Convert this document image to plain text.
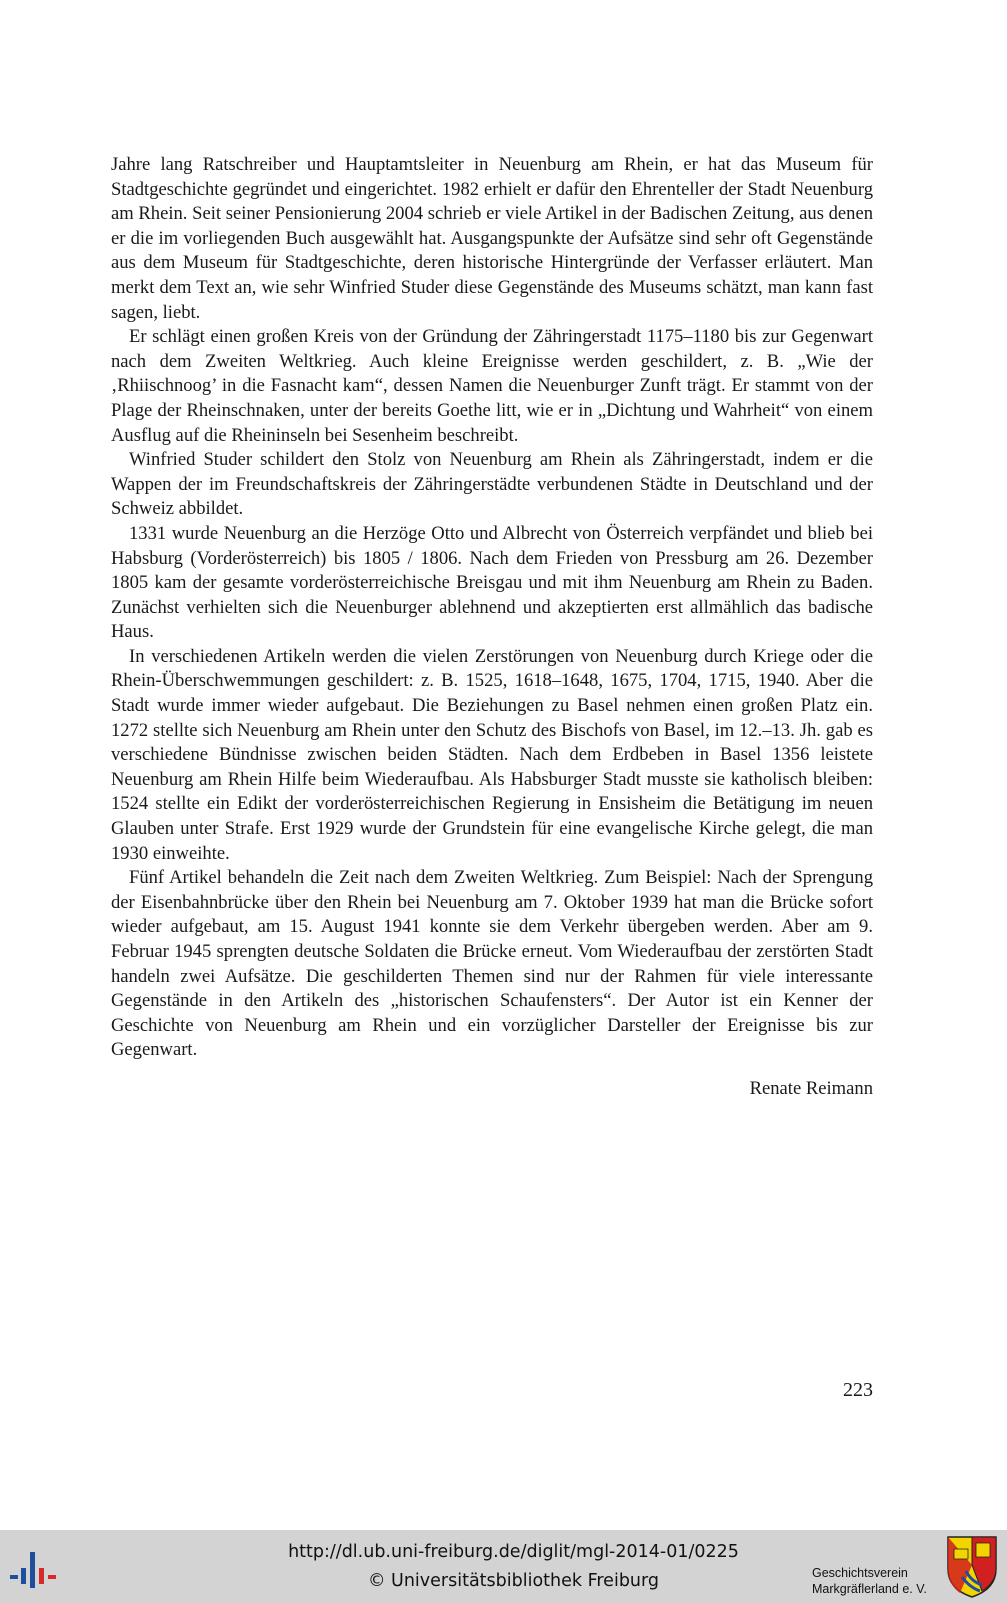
Jahre lang Ratschreiber und Hauptamtsleiter in Neuenburg am Rhein, er hat das Museum für Stadtgeschichte gegründet und eingerichtet. 1982 erhielt er dafür den Ehrenteller der Stadt Neuenburg am Rhein. Seit seiner Pensionierung 2004 schrieb er viele Artikel in der Badischen Zeitung, aus denen er die im vorliegenden Buch ausgewählt hat. Ausgangspunkte der Aufsätze sind sehr oft Gegenstände aus dem Museum für Stadtgeschichte, deren historische Hintergründe der Verfasser erläutert. Man merkt dem Text an, wie sehr Winfried Studer diese Gegenstände des Museums schätzt, man kann fast sagen, liebt.

Er schlägt einen großen Kreis von der Gründung der Zähringerstadt 1175–1180 bis zur Gegenwart nach dem Zweiten Weltkrieg. Auch kleine Ereignisse werden geschildert, z. B. „Wie der ‚Rhiischnoog’ in die Fasnacht kam“, dessen Namen die Neuenburger Zunft trägt. Er stammt von der Plage der Rheinschnaken, unter der bereits Goethe litt, wie er in „Dichtung und Wahrheit“ von einem Ausflug auf die Rheininseln bei Sesenheim beschreibt.

Winfried Studer schildert den Stolz von Neuenburg am Rhein als Zähringerstadt, indem er die Wappen der im Freundschaftskreis der Zähringerstädte verbundenen Städte in Deutschland und der Schweiz abbildet.

1331 wurde Neuenburg an die Herzöge Otto und Albrecht von Österreich verpfändet und blieb bei Habsburg (Vorderösterreich) bis 1805 / 1806. Nach dem Frieden von Pressburg am 26. Dezember 1805 kam der gesamte vorderösterreichische Breisgau und mit ihm Neuenburg am Rhein zu Baden. Zunächst verhielten sich die Neuenburger ablehnend und akzeptierten erst allmählich das badische Haus.

In verschiedenen Artikeln werden die vielen Zerstörungen von Neuenburg durch Kriege oder die Rhein-Überschwemmungen geschildert: z. B. 1525, 1618–1648, 1675, 1704, 1715, 1940. Aber die Stadt wurde immer wieder aufgebaut. Die Beziehungen zu Basel nehmen einen großen Platz ein. 1272 stellte sich Neuenburg am Rhein unter den Schutz des Bischofs von Basel, im 12.–13. Jh. gab es verschiedene Bündnisse zwischen beiden Städten. Nach dem Erdbeben in Basel 1356 leistete Neuenburg am Rhein Hilfe beim Wiederaufbau. Als Habsburger Stadt musste sie katholisch bleiben: 1524 stellte ein Edikt der vorderösterreichischen Regierung in Ensisheim die Betätigung im neuen Glauben unter Strafe. Erst 1929 wurde der Grundstein für eine evangelische Kirche gelegt, die man 1930 einweihte.

Fünf Artikel behandeln die Zeit nach dem Zweiten Weltkrieg. Zum Beispiel: Nach der Sprengung der Eisenbahnbrücke über den Rhein bei Neuenburg am 7. Oktober 1939 hat man die Brücke sofort wieder aufgebaut, am 15. August 1941 konnte sie dem Verkehr übergeben werden. Aber am 9. Februar 1945 sprengten deutsche Soldaten die Brücke erneut. Vom Wiederaufbau der zerstörten Stadt handeln zwei Aufsätze. Die geschilderten Themen sind nur der Rahmen für viele interessante Gegenstände in den Artikeln des „historischen Schaufensters“. Der Autor ist ein Kenner der Geschichte von Neuenburg am Rhein und ein vorzüglicher Darsteller der Ereignisse bis zur Gegenwart.

Renate Reimann
223
http://dl.ub.uni-freiburg.de/diglit/mgl-2014-01/0225
© Universitätsbibliothek Freiburg	Geschichtsverein
Markgräflerland e. V.
